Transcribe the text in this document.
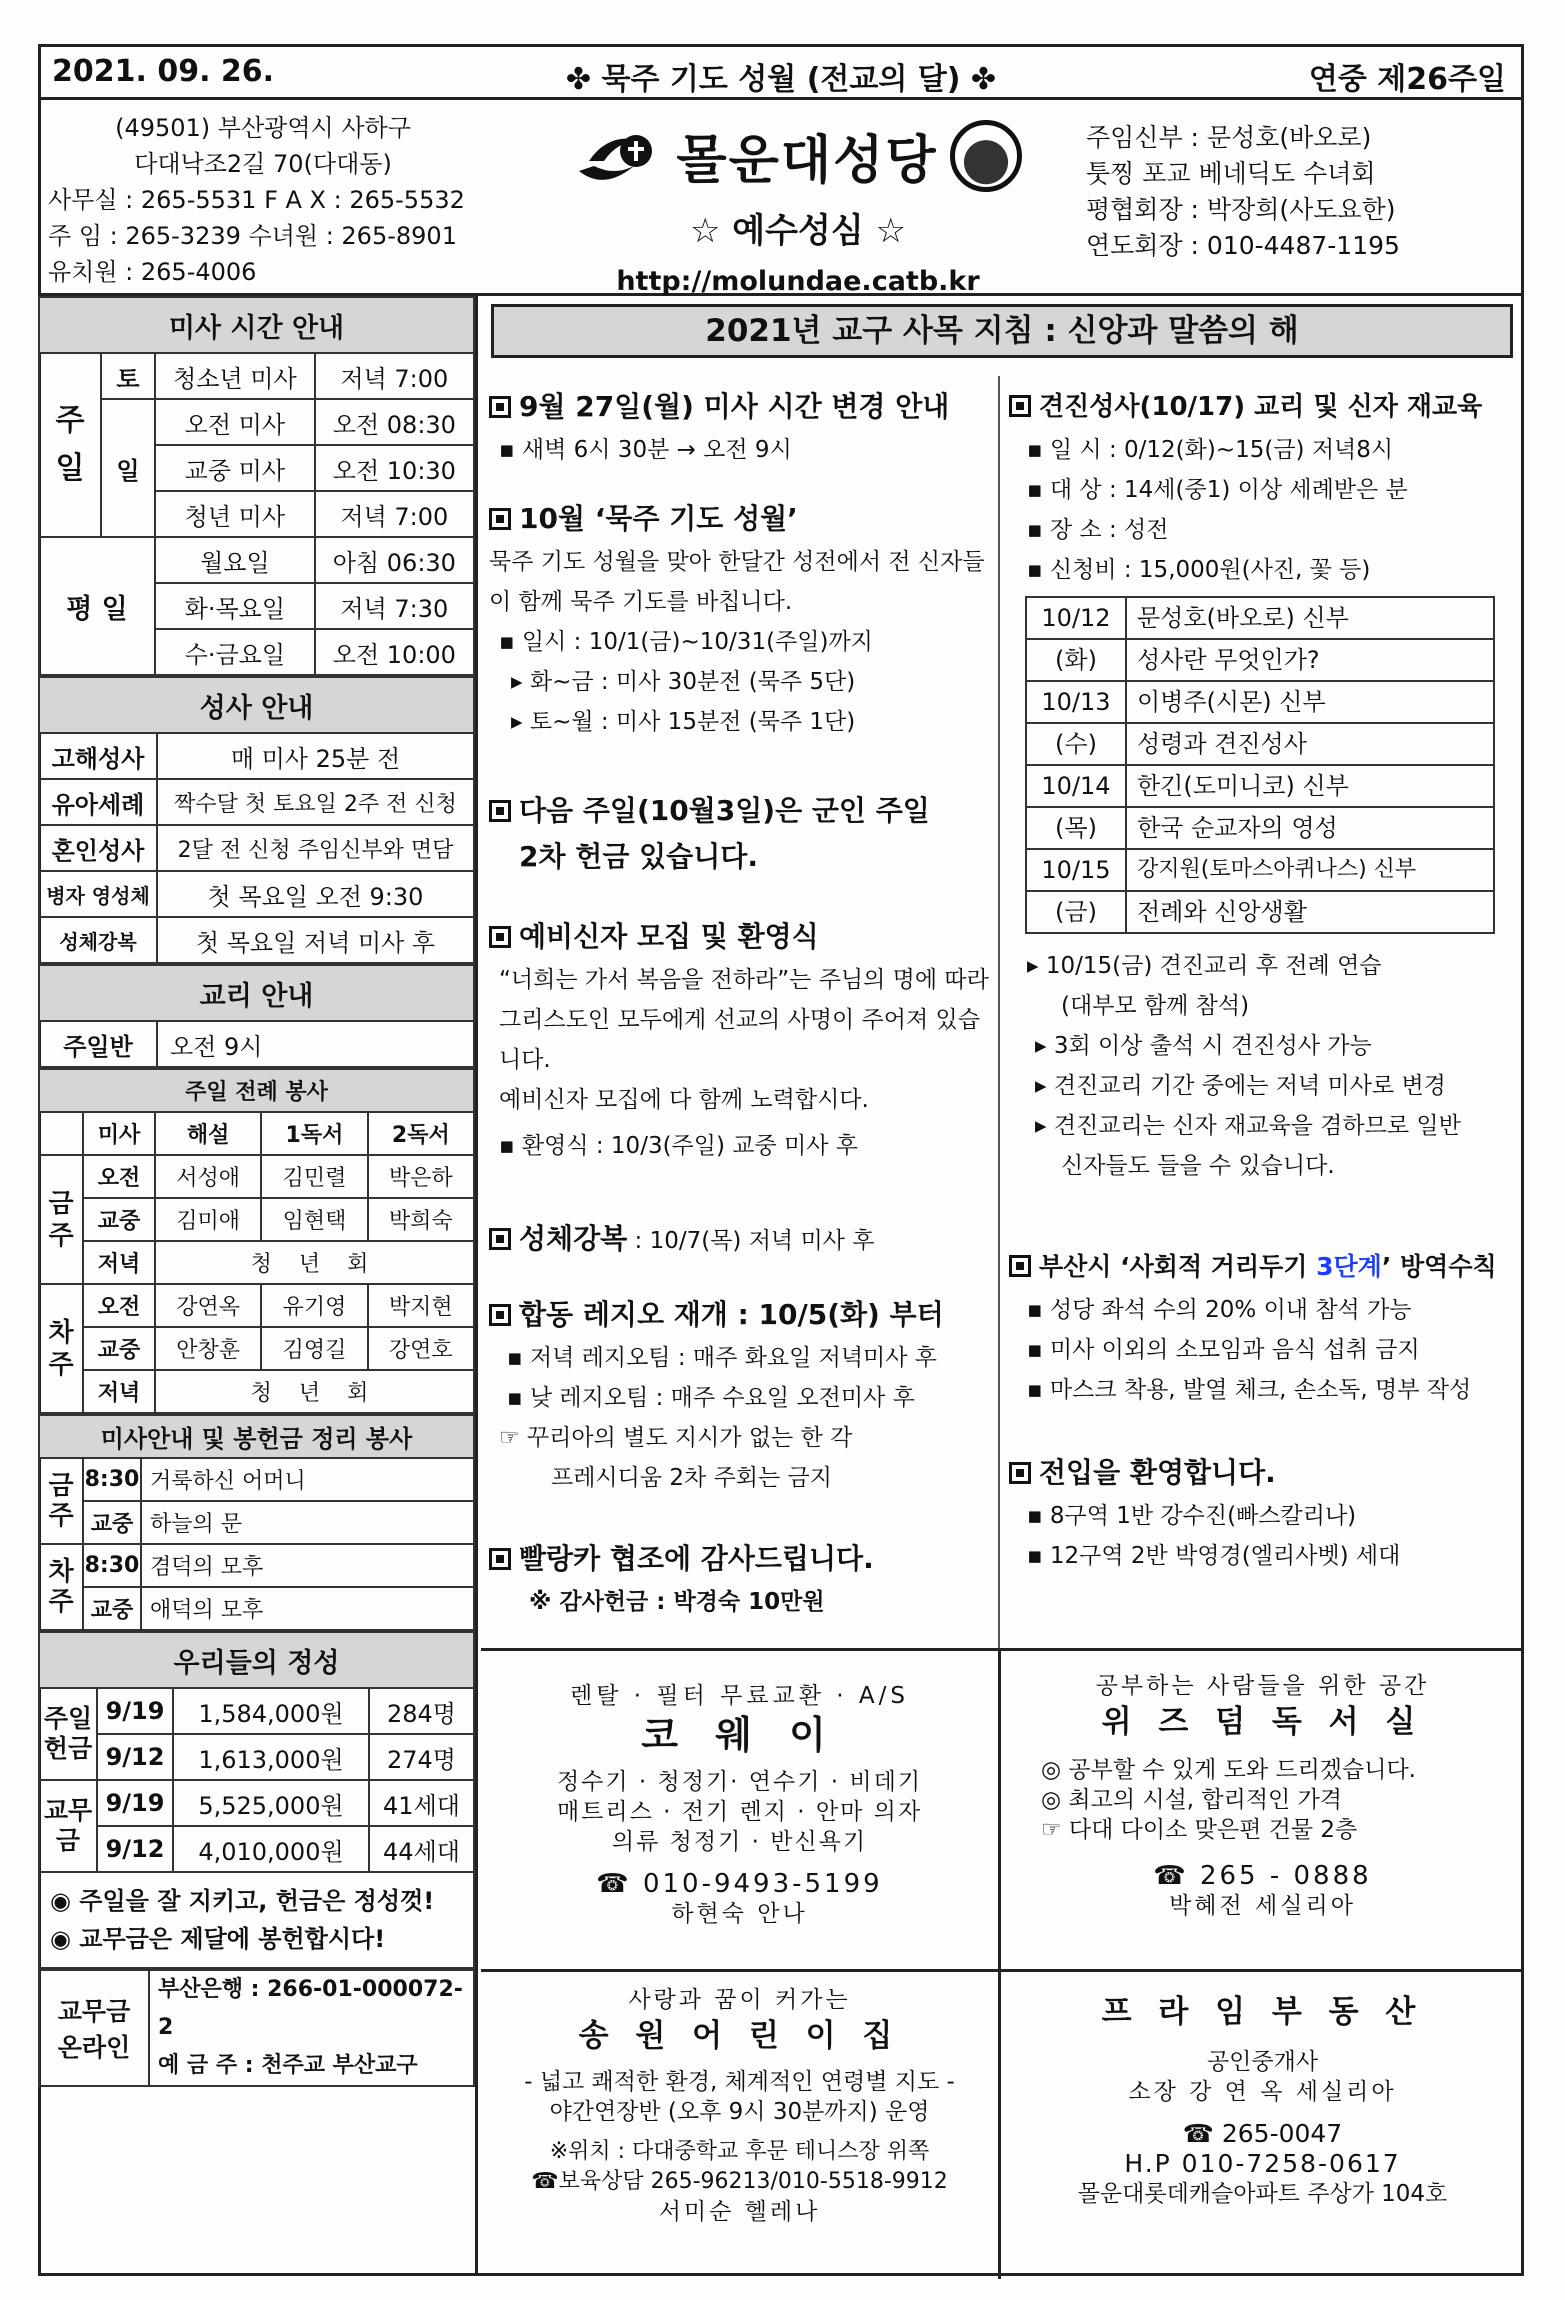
2021. 09. 26.	✤ 묵주 기도 성월 (전교의 달) ✤	연중 제26주일
(49501) 부산광역시 사하구
다대낙조2길 70(다대동)
사무실 : 265-5531 F A X : 265-5532
주 임 : 265-3239 수녀원 : 265-8901
유치원 : 265-4006
몰운대성당
☆ 예수성심 ☆
http://molundae.catb.kr
주임신부 : 문성호(바오로)
툿찡 포교 베네딕도 수녀회
평협회장 : 박장희(사도요한)
연도회장 : 010-4487-1195
미사 시간 안내			

주
일	토	청소년 미사	저녁 7:00
	일	오전 미사	오전 08:30
		교중 미사	오전 10:30
		청년 미사	저녁 7:00
평 일		월요일	아침 06:30
		화·목요일	저녁 7:30
		수·금요일	오전 10:00
성사 안내	
고해성사	매 미사 25분 전
유아세례	짝수달 첫 토요일 2주 전 신청
혼인성사	2달 전 신청 주임신부와 면담
병자 영성체	첫 목요일 오전 9:30
성체강복	첫 목요일 저녁 미사 후
교리 안내
주일반	오전 9시
주일 전례 봉사				
	미사	해설	1독서	2독서
금주	오전	서성애	김민렬	박은하
	교중	김미애	임현택	박희숙
	저녁	청 년 회		
차주	오전	강연옥	유기영	박지현
	교중	안창훈	김영길	강연호
	저녁	청 년 회		
미사안내 및 봉헌금 정리 봉사		
금주	8:30	거룩하신 어머니
	교중	하늘의 문
차주	8:30	겸덕의 모후
	교중	애덕의 모후
우리들의 정성			
주일헌금	9/19	1,584,000원	284명
	9/12	1,613,000원	274명
교무금	9/19	5,525,000원	41세대
	9/12	4,010,000원	44세대

◉ 주일을 잘 지키고, 헌금은 정성껏!
◉ 교무금은 제달에 봉헌합시다!			
교무금 온라인	
부산은행 : 266-01-000072-2
예 금 주 : 천주교 부산교구
2021년 교구 사목 지침 : 신앙과 말씀의 해
9월 27일(월) 미사 시간 변경 안내
▪ 새벽 6시 30분 → 오전 9시
10월 ‘묵주 기도 성월’
묵주 기도 성월을 맞아 한달간 성전에서 전 신자들이 함께 묵주 기도를 바칩니다.
▪ 일시 : 10/1(금)~10/31(주일)까지
▸ 화~금 : 미사 30분전 (묵주 5단)
▸ 토~월 : 미사 15분전 (묵주 1단)
다음 주일(10월3일)은 군인 주일
2차 헌금 있습니다.
예비신자 모집 및 환영식
“너희는 가서 복음을 전하라”는 주님의 명에 따라 그리스도인 모두에게 선교의 사명이 주어져 있습니다.
예비신자 모집에 다 함께 노력합시다.
▪ 환영식 : 10/3(주일) 교중 미사 후
성체강복 : 10/7(목) 저녁 미사 후
합동 레지오 재개 : 10/5(화) 부터
▪ 저녁 레지오팀 : 매주 화요일 저녁미사 후
▪ 낮 레지오팀 : 매주 수요일 오전미사 후
☞ 꾸리아의 별도 지시가 없는 한 각
프레시디움 2차 주회는 금지
빨랑카 협조에 감사드립니다.
※ 감사헌금 : 박경숙 10만원
견진성사(10/17) 교리 및 신자 재교육
▪ 일 시 : 0/12(화)~15(금) 저녁8시
▪ 대 상 : 14세(중1) 이상 세례받은 분
▪ 장 소 : 성전
▪ 신청비 : 15,000원(사진, 꽃 등)
10/12	문성호(바오로) 신부
(화)	성사란 무엇인가?
10/13	이병주(시몬) 신부
(수)	성령과 견진성사
10/14	한긴(도미니코) 신부
(목)	한국 순교자의 영성
10/15	강지원(토마스아퀴나스) 신부
(금)	전례와 신앙생활
▸ 10/15(금) 견진교리 후 전례 연습
(대부모 함께 참석)
▸ 3회 이상 출석 시 견진성사 가능
▸ 견진교리 기간 중에는 저녁 미사로 변경
▸ 견진교리는 신자 재교육을 겸하므로 일반
신자들도 들을 수 있습니다.
부산시 ‘사회적 거리두기 3단계’ 방역수칙
▪ 성당 좌석 수의 20% 이내 참석 가능
▪ 미사 이외의 소모임과 음식 섭취 금지
▪ 마스크 착용, 발열 체크, 손소독, 명부 작성
전입을 환영합니다.
▪ 8구역 1반 강수진(빠스칼리나)
▪ 12구역 2반 박영경(엘리사벳) 세대
렌탈 · 필터 무료교환 · A/S
코 웨 이
정수기 · 청정기· 연수기 · 비데기
매트리스 · 전기 렌지 · 안마 의자
의류 청정기 · 반신욕기
☎ 010-9493-5199
하현숙 안나
공부하는 사람들을 위한 공간
위 즈 덤 독 서 실
◎ 공부할 수 있게 도와 드리겠습니다.
◎ 최고의 시설, 합리적인 가격
☞ 다대 다이소 맞은편 건물 2층
☎ 265 - 0888
박혜전 세실리아
사랑과 꿈이 커가는
송 원 어 린 이 집
- 넓고 쾌적한 환경, 체계적인 연령별 지도 -
야간연장반 (오후 9시 30분까지) 운영
※위치 : 다대중학교 후문 테니스장 위쪽
☎보육상담 265-96213/010-5518-9912
서미순 헬레나
프 라 임 부 동 산
공인중개사
소장 강 연 옥 세실리아
☎ 265-0047
H.P 010-7258-0617
몰운대롯데캐슬아파트 주상가 104호
